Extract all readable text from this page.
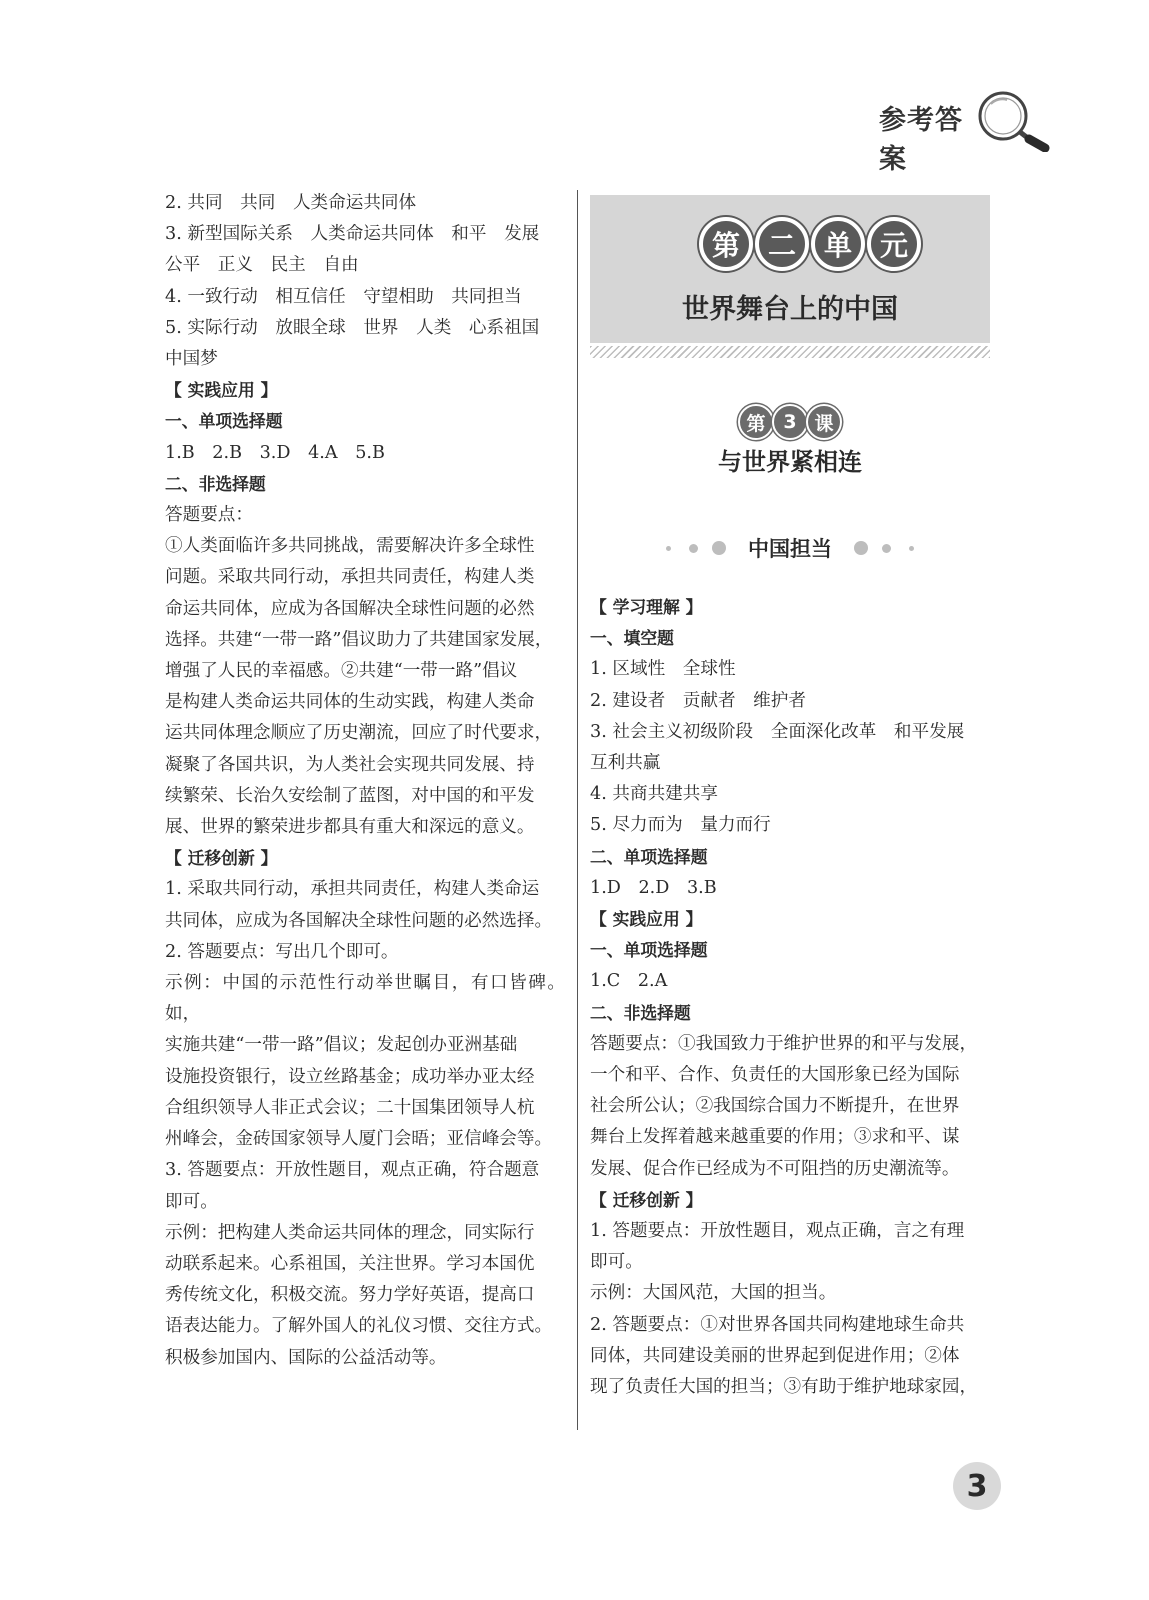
参考答案

2. 共同　共同　人类命运共同体

3. 新型国际关系　人类命运共同体　和平　发展

公平　正义　民主　自由

4. 一致行动　相互信任　守望相助　共同担当

5. 实际行动　放眼全球　世界　人类　心系祖国

中国梦

【 实践应用 】

一、单项选择题

1.B　2.B　3.D　4.A　5.B

二、非选择题

答题要点：

①人类面临许多共同挑战，需要解决许多全球性

问题。采取共同行动，承担共同责任，构建人类

命运共同体，应成为各国解决全球性问题的必然

选择。共建“一带一路”倡议助力了共建国家发展，

增强了人民的幸福感。②共建“一带一路”倡议

是构建人类命运共同体的生动实践，构建人类命

运共同体理念顺应了历史潮流，回应了时代要求，

凝聚了各国共识，为人类社会实现共同发展、持

续繁荣、长治久安绘制了蓝图，对中国的和平发

展、世界的繁荣进步都具有重大和深远的意义。

【 迁移创新 】

1. 采取共同行动，承担共同责任，构建人类命运

共同体，应成为各国解决全球性问题的必然选择。

2. 答题要点：写出几个即可。

示例：中国的示范性行动举世瞩目，有口皆碑。如，

实施共建“一带一路”倡议；发起创办亚洲基础

设施投资银行，设立丝路基金；成功举办亚太经

合组织领导人非正式会议；二十国集团领导人杭

州峰会，金砖国家领导人厦门会晤；亚信峰会等。

3. 答题要点：开放性题目，观点正确，符合题意

即可。

示例：把构建人类命运共同体的理念，同实际行

动联系起来。心系祖国，关注世界。学习本国优

秀传统文化，积极交流。努力学好英语，提高口

语表达能力。了解外国人的礼仪习惯、交往方式。

积极参加国内、国际的公益活动等。

第 二 单 元
世界舞台上的中国
第 3 课
与世界紧相连
中国担当

【 学习理解 】

一、填空题

1. 区域性　全球性

2. 建设者　贡献者　维护者

3. 社会主义初级阶段　全面深化改革　和平发展

互利共赢

4. 共商共建共享

5. 尽力而为　量力而行

二、单项选择题

1.D　2.D　3.B

【 实践应用 】

一、单项选择题

1.C　2.A

二、非选择题

答题要点：①我国致力于维护世界的和平与发展，

一个和平、合作、负责任的大国形象已经为国际

社会所公认；②我国综合国力不断提升，在世界

舞台上发挥着越来越重要的作用；③求和平、谋

发展、促合作已经成为不可阻挡的历史潮流等。

【 迁移创新 】

1. 答题要点：开放性题目，观点正确，言之有理

即可。

示例：大国风范，大国的担当。

2. 答题要点：①对世界各国共同构建地球生命共

同体，共同建设美丽的世界起到促进作用；②体

现了负责任大国的担当；③有助于维护地球家园，

3
